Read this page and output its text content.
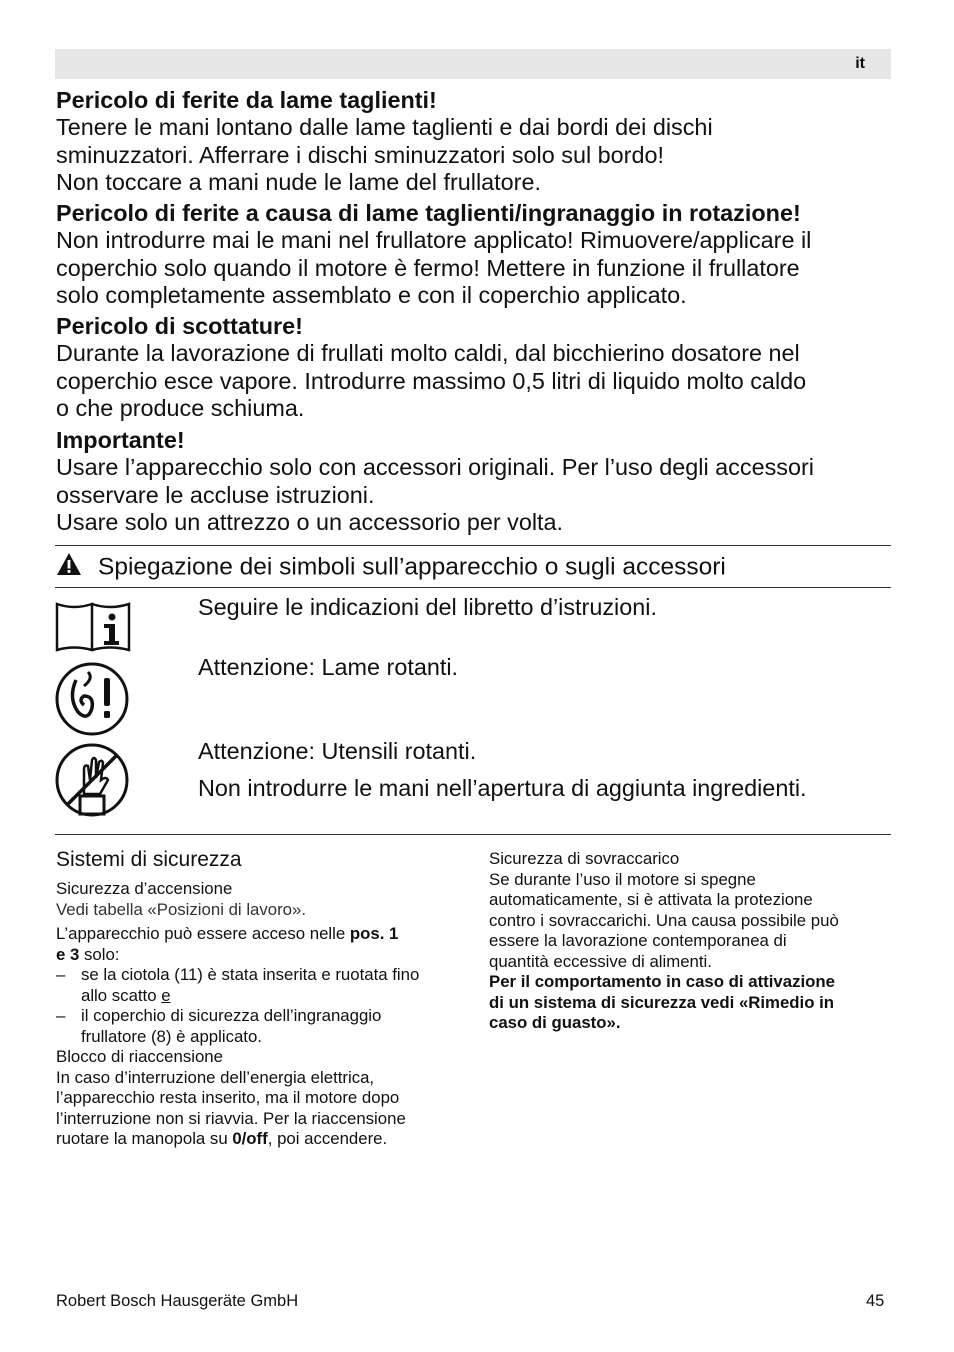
it
Pericolo di ferite da lame taglienti!
Tenere le mani lontano dalle lame taglienti e dai bordi dei dischi
sminuzzatori. Afferrare i dischi sminuzzatori solo sul bordo!
Non toccare a mani nude le lame del frullatore.
Pericolo di ferite a causa di lame taglienti/ingranaggio in rotazione!
Non introdurre mai le mani nel frullatore applicato! Rimuovere/applicare il
coperchio solo quando il motore è fermo! Mettere in funzione il frullatore
solo completamente assemblato e con il coperchio applicato.
Pericolo di scottature!
Durante la lavorazione di frullati molto caldi, dal bicchierino dosatore nel
coperchio esce vapore. Introdurre massimo 0,5 litri di liquido molto caldo
o che produce schiuma.
Importante!
Usare l’apparecchio solo con accessori originali. Per l’uso degli accessori
osservare le accluse istruzioni.
Usare solo un attrezzo o un accessorio per volta.
Spiegazione dei simboli sull’apparecchio o sugli accessori
Seguire le indicazioni del libretto d’istruzioni.
Attenzione: Lame rotanti.
Attenzione: Utensili rotanti.
Non introdurre le mani nell’apertura di aggiunta ingredienti.
Sistemi di sicurezza

Sicurezza d’accensione

Vedi tabella «Posizioni di lavoro».

L’apparecchio può essere acceso nelle pos. 1

e 3 solo:

– se la ciotola (11) è stata inserita e ruotata fino
allo scatto e
– il coperchio di sicurezza dell’ingranaggio
frullatore (8) è applicato.

Blocco di riaccensione

In caso d’interruzione dell’energia elettrica,

l’apparecchio resta inserito, ma il motore dopo

l’interruzione non si riavvia. Per la riaccensione

ruotare la manopola su 0/off, poi accendere.

Sicurezza di sovraccarico

Se durante l’uso il motore si spegne

automaticamente, si è attivata la protezione

contro i sovraccarichi. Una causa possibile può

essere la lavorazione contemporanea di

quantità eccessive di alimenti.

Per il comportamento in caso di attivazione

di un sistema di sicurezza vedi «Rimedio in

caso di guasto».

Robert Bosch Hausgeräte GmbH	45
